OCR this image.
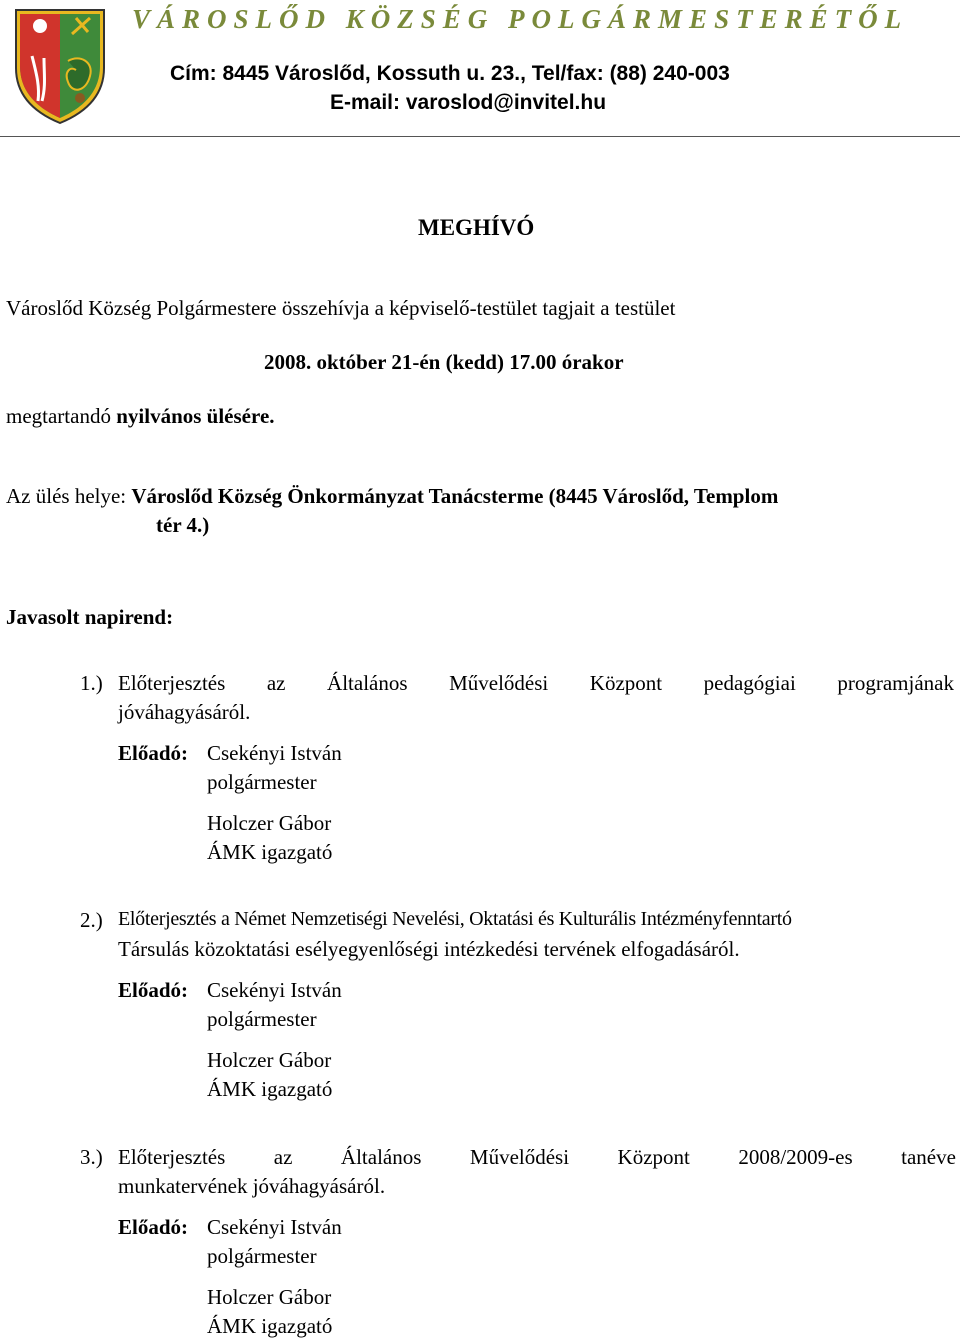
VÁROSLŐD KÖZSÉG POLGÁRMESTERÉTŐL
Cím: 8445 Városlőd, Kossuth u. 23., Tel/fax: (88) 240-003
E-mail: varoslod@invitel.hu
MEGHÍVÓ
Városlőd Község Polgármestere összehívja a képviselő-testület tagjait a testület
2008. október 21-én (kedd) 17.00 órakor
megtartandó nyilvános ülésére.
Az ülés helye: Városlőd Község Önkormányzat Tanácsterme (8445 Városlőd, Templom
tér 4.)
Javasolt napirend:
1.) Előterjesztés az Általános Művelődési Központ pedagógiai programjának
jóváhagyásáról.
Előadó: Csekényi István
polgármester
Holczer Gábor
ÁMK igazgató
2.) Előterjesztés a Német Nemzetiségi Nevelési, Oktatási és Kulturális Intézményfenntartó
Társulás közoktatási esélyegyenlőségi intézkedési tervének elfogadásáról.
Előadó: Csekényi István
polgármester
Holczer Gábor
ÁMK igazgató
3.) Előterjesztés az Általános Művelődési Központ 2008/2009-es tanéve
munkatervének jóváhagyásáról.
Előadó: Csekényi István
polgármester
Holczer Gábor
ÁMK igazgató
